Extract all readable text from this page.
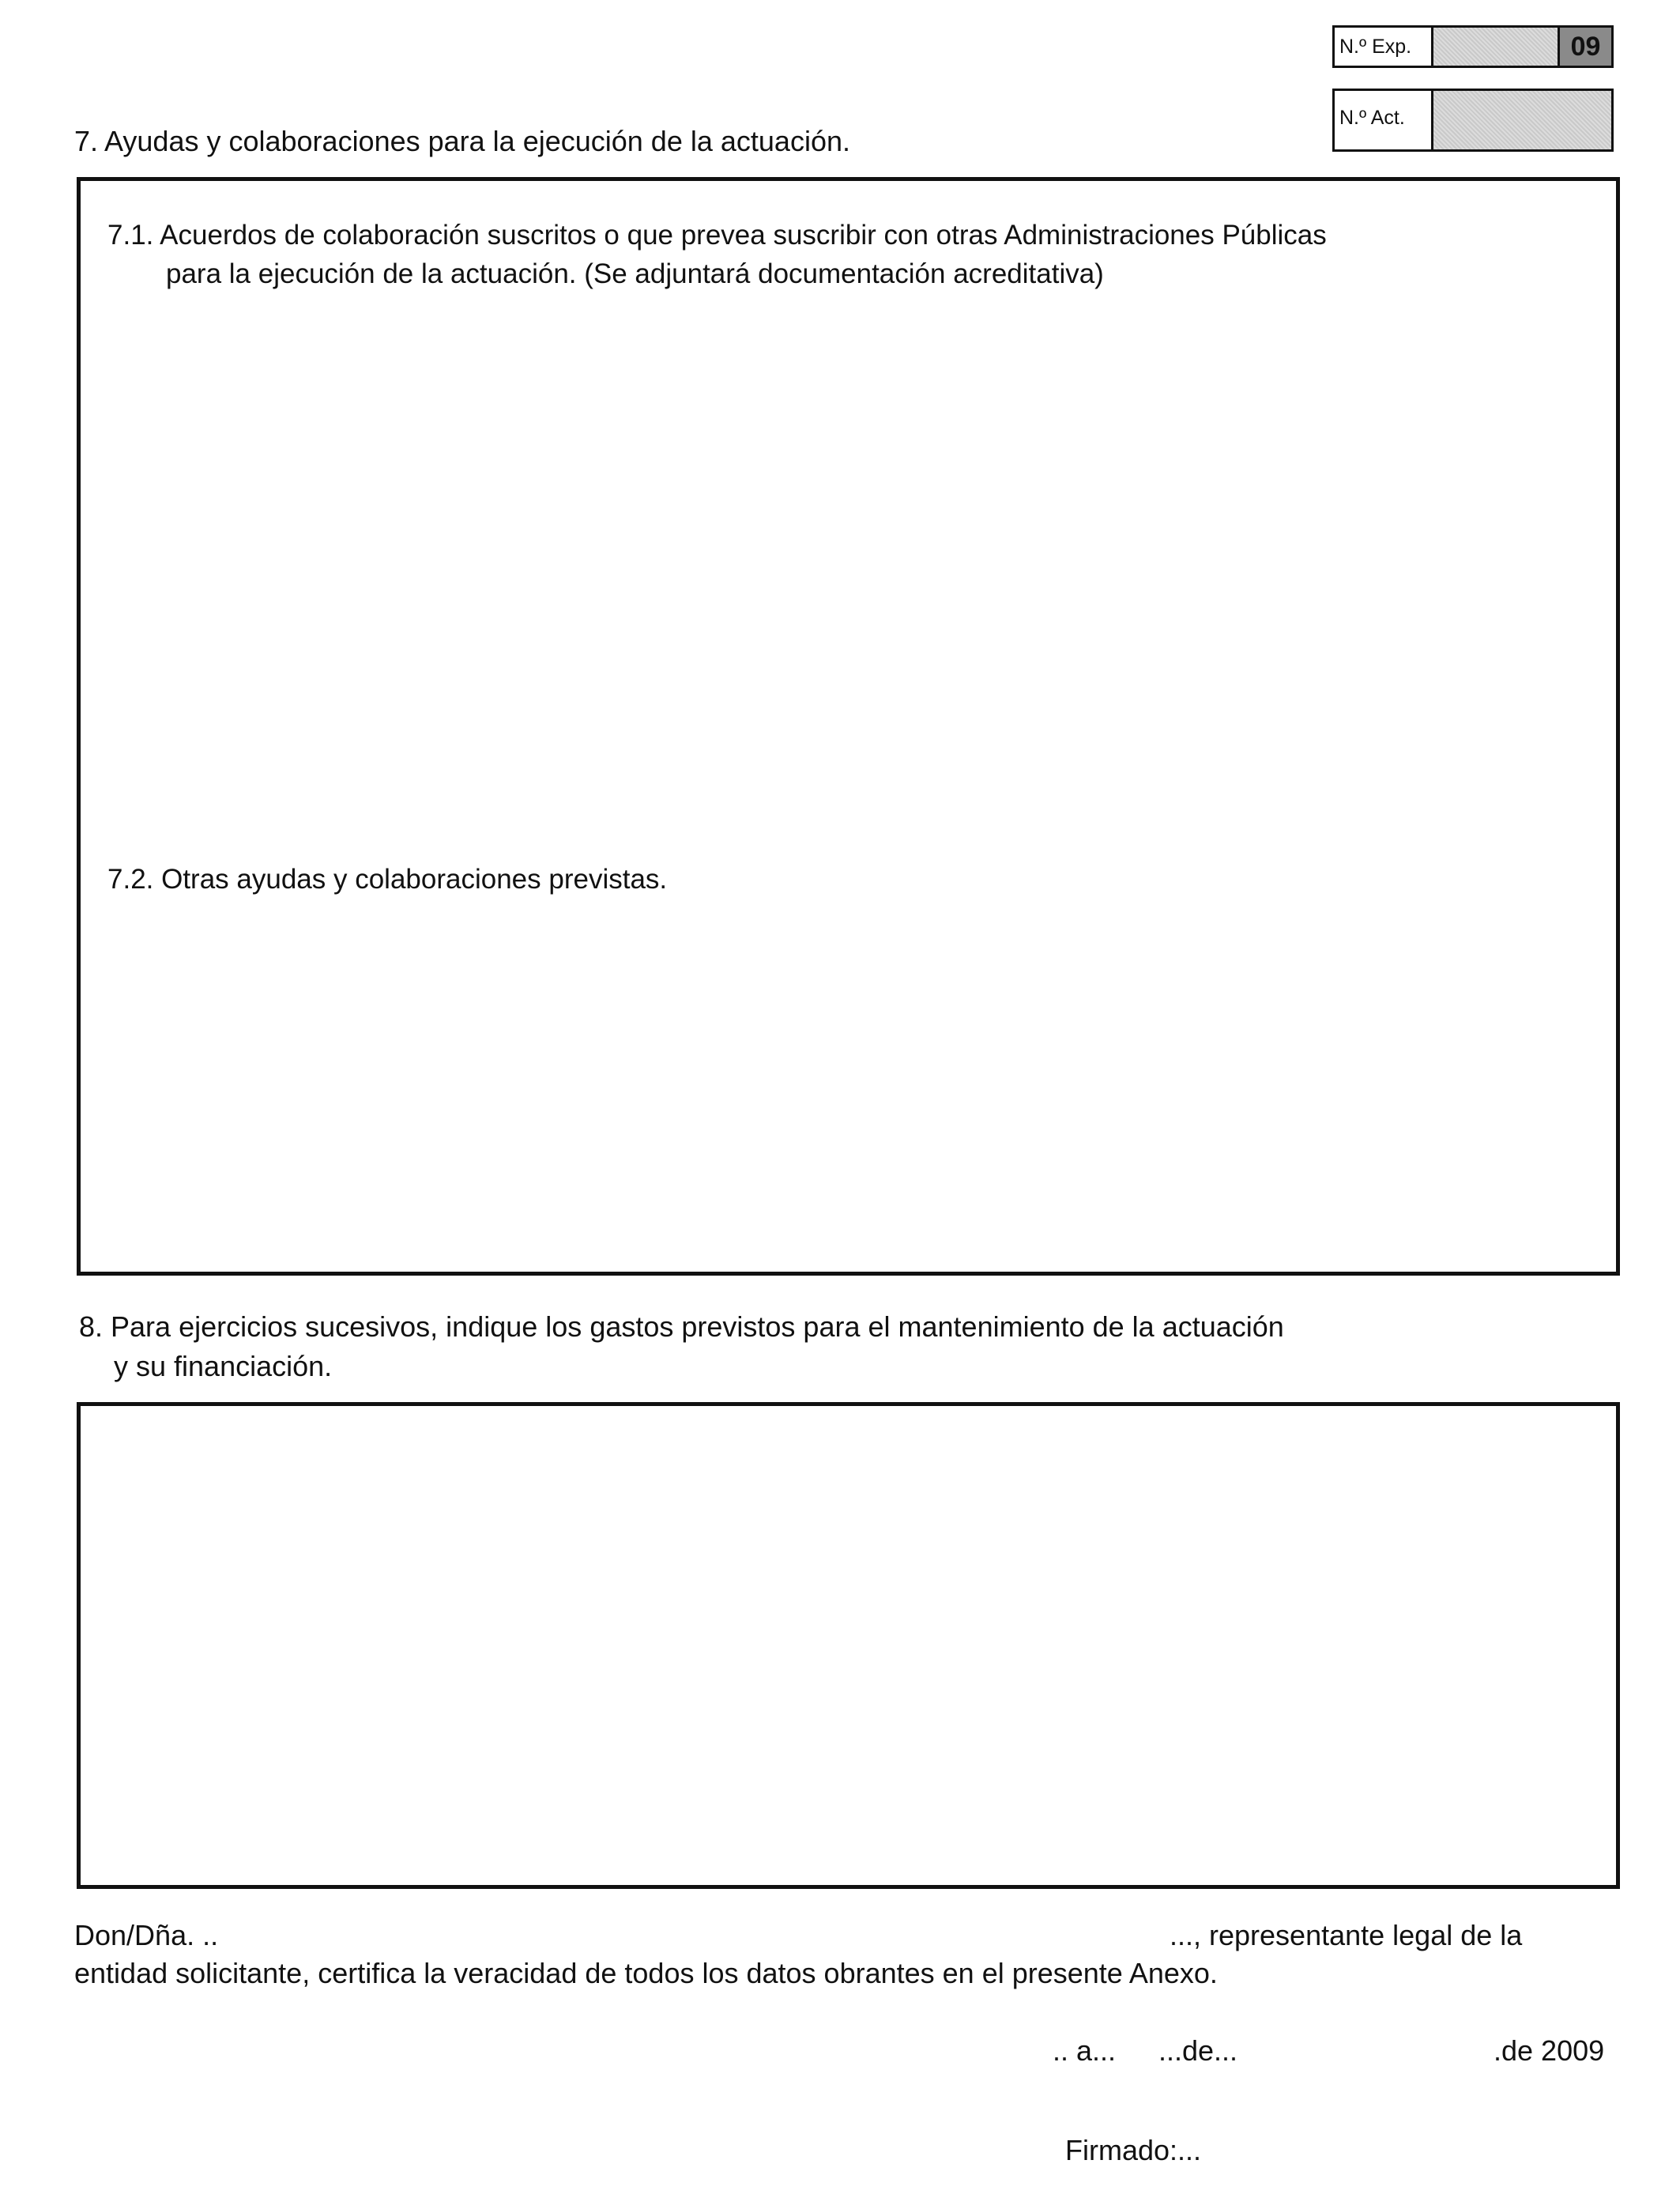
N.º Exp.	09
N.º Act.
7. Ayudas y colaboraciones para la ejecución de la actuación.
7.1. Acuerdos de colaboración suscritos o que prevea suscribir con otras Administraciones Públicas
para la ejecución de la actuación. (Se adjuntará documentación acreditativa)
7.2. Otras ayudas y colaboraciones previstas.
8. Para ejercicios sucesivos, indique los gastos previstos para el mantenimiento de la actuación
y su financiación.
Don/Dña. ..	..., representante legal de la
entidad solicitante, certifica la veracidad de todos los datos obrantes en el presente Anexo.
.. a... ...de...	.de 2009
Firmado:...
